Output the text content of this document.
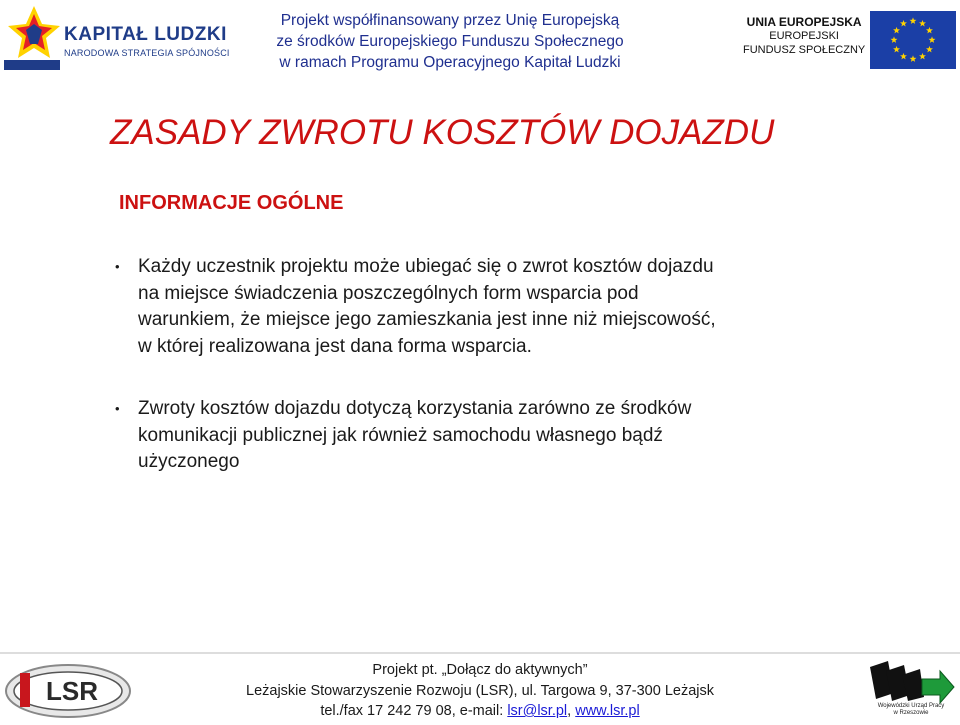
KAPITAŁ LUDZKI
NARODOWA STRATEGIA SPÓJNOŚCI
Projekt współfinansowany przez Unię Europejską
ze środków Europejskiego Funduszu Społecznego
w ramach Programu Operacyjnego Kapitał Ludzki
UNIA EUROPEJSKA
EUROPEJSKI
FUNDUSZ SPOŁECZNY
ZASADY ZWROTU KOSZTÓW DOJAZDU
INFORMACJE OGÓLNE
• Każdy uczestnik projektu może ubiegać się o zwrot kosztów dojazdu
na miejsce świadczenia poszczególnych form wsparcia pod
warunkiem, że miejsce jego zamieszkania jest inne niż miejscowość,
w której realizowana jest dana forma wsparcia.
• Zwroty kosztów dojazdu dotyczą korzystania zarówno ze środków
komunikacji publicznej jak również samochodu własnego bądź
użyczonego
LSR
Projekt pt. „Dołącz do aktywnych”
Leżajskie Stowarzyszenie Rozwoju (LSR), ul. Targowa 9, 37-300 Leżajsk
tel./fax 17 242 79 08, e-mail: lsr@lsr.pl, www.lsr.pl	Wojewódzki Urząd Pracy
w Rzeszowie
